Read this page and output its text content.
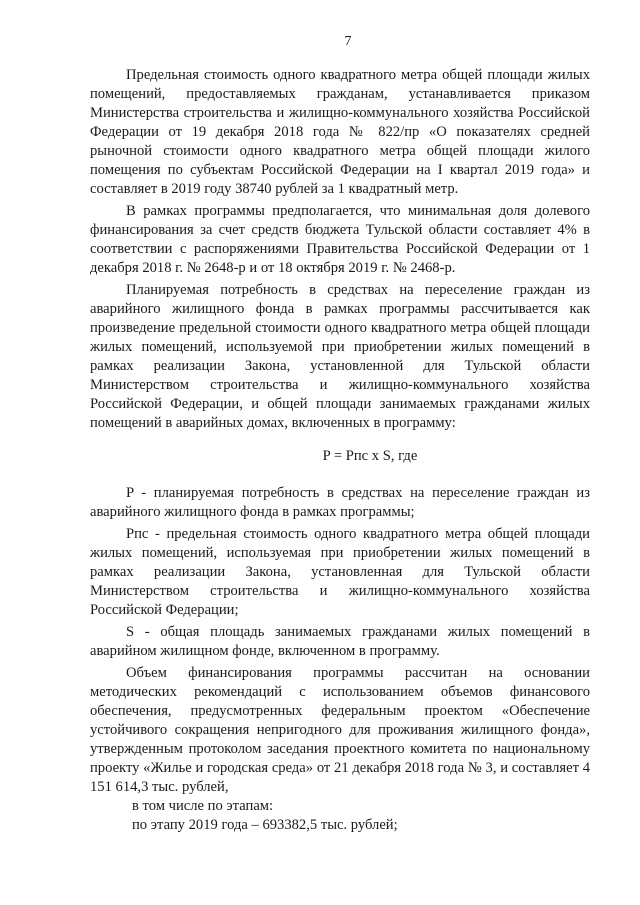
7

Предельная стоимость одного квадратного метра общей площади жилых помещений, предоставляемых гражданам, устанавливается приказом Министерства строительства и жилищно-коммунального хозяйства Российской Федерации от 19 декабря 2018 года № 822/пр «О показателях средней рыночной стоимости одного квадратного метра общей площади жилого помещения по субъектам Российской Федерации на I квартал 2019 года» и составляет в 2019 году 38740 рублей за 1 квадратный метр.

В рамках программы предполагается, что минимальная доля долевого финансирования за счет средств бюджета Тульской области составляет 4% в соответствии с распоряжениями Правительства Российской Федерации от 1 декабря 2018 г. № 2648-р и от 18 октября 2019 г. № 2468-р.

Планируемая потребность в средствах на переселение граждан из аварийного жилищного фонда в рамках программы рассчитывается как произведение предельной стоимости одного квадратного метра общей площади жилых помещений, используемой при приобретении жилых помещений в рамках реализации Закона, установленной для Тульской области Министерством строительства и жилищно-коммунального хозяйства Российской Федерации, и общей площади занимаемых гражданами жилых помещений в аварийных домах, включенных в программу:

P = Pпс x S, где

P - планируемая потребность в средствах на переселение граждан из аварийного жилищного фонда в рамках программы;

Pпс - предельная стоимость одного квадратного метра общей площади жилых помещений, используемая при приобретении жилых помещений в рамках реализации Закона, установленная для Тульской области Министерством строительства и жилищно-коммунального хозяйства Российской Федерации;

S - общая площадь занимаемых гражданами жилых помещений в аварийном жилищном фонде, включенном в программу.

Объем финансирования программы рассчитан на основании методических рекомендаций с использованием объемов финансового обеспечения, предусмотренных федеральным проектом «Обеспечение устойчивого сокращения непригодного для проживания жилищного фонда», утвержденным протоколом заседания проектного комитета по национальному проекту «Жилье и городская среда» от 21 декабря 2018 года № 3, и составляет 4 151 614,3 тыс. рублей,

в том числе по этапам:

по этапу 2019 года – 693382,5 тыс. рублей;
